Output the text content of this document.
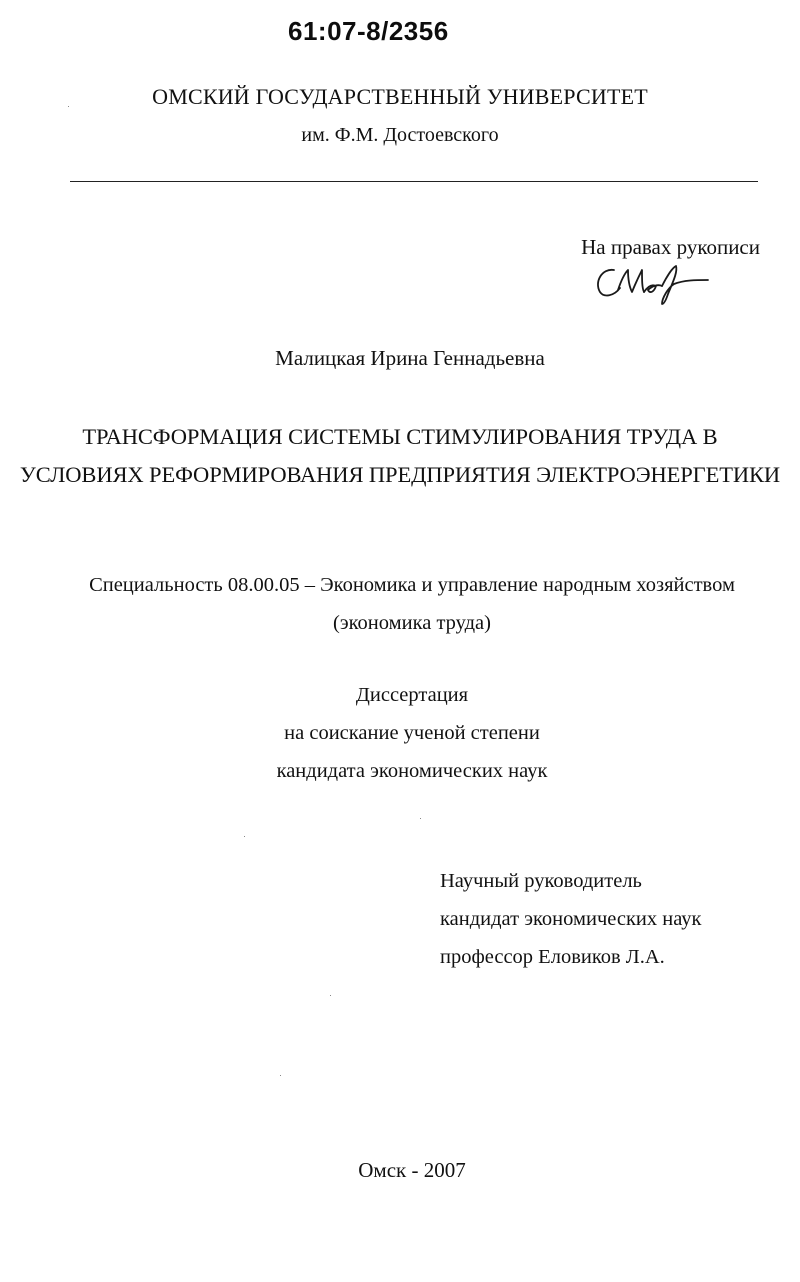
61:07-8/2356
ОМСКИЙ ГОСУДАРСТВЕННЫЙ УНИВЕРСИТЕТ
им. Ф.М. Достоевского
На правах рукописи
Малицкая Ирина Геннадьевна
ТРАНСФОРМАЦИЯ СИСТЕМЫ СТИМУЛИРОВАНИЯ ТРУДА В
УСЛОВИЯХ РЕФОРМИРОВАНИЯ ПРЕДПРИЯТИЯ ЭЛЕКТРОЭНЕРГЕТИКИ
Специальность 08.00.05 – Экономика и управление народным хозяйством
(экономика труда)
Диссертация
на соискание ученой степени
кандидата экономических наук
Научный руководитель
кандидат экономических наук
профессор Еловиков Л.А.
Омск - 2007
